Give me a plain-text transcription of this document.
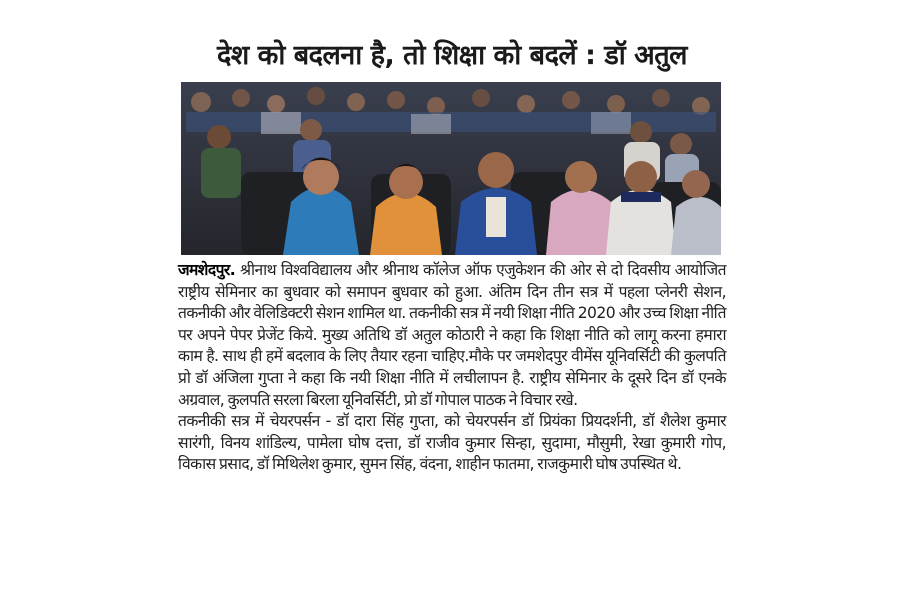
देश को बदलना है, तो शिक्षा को बदलें : डॉ अतुल

जमशेदपुर. श्रीनाथ विश्वविद्यालय और श्रीनाथ कॉलेज ऑफ एजुकेशन की ओर से दो दिवसीय आयोजित राष्ट्रीय सेमिनार का बुधवार को समापन बुधवार को हुआ. अंतिम दिन तीन सत्र में पहला प्लेनरी सेशन, तकनीकी और वेलिडिक्टरी सेशन शामिल था. तकनीकी सत्र में नयी शिक्षा नीति 2020 और उच्च शिक्षा नीति पर अपने पेपर प्रेजेंट किये. मुख्य अतिथि डॉ अतुल कोठारी ने कहा कि शिक्षा नीति को लागू करना हमारा काम है. साथ ही हमें बदलाव के लिए तैयार रहना चाहिए.मौके पर जमशेदपुर वीमेंस यूनिवर्सिटी की कुलपति प्रो डॉ अंजिला गुप्ता ने कहा कि नयी शिक्षा नीति में लचीलापन है. राष्ट्रीय सेमिनार के दूसरे दिन डॉ एनके अग्रवाल, कुलपति सरला बिरला यूनिवर्सिटी, प्रो डॉ गोपाल पाठक ने विचार रखे.

तकनीकी सत्र में चेयरपर्सन - डॉ दारा सिंह गुप्ता, को चेयरपर्सन डॉ प्रियंका प्रियदर्शनी, डॉ शैलेश कुमार सारंगी, विनय शांडिल्य, पामेला घोष दत्ता, डॉ राजीव कुमार सिन्हा, सुदामा, मौसुमी, रेखा कुमारी गोप, विकास प्रसाद, डॉ मिथिलेश कुमार, सुमन सिंह, वंदना, शाहीन फातमा, राजकुमारी घोष उपस्थित थे.
